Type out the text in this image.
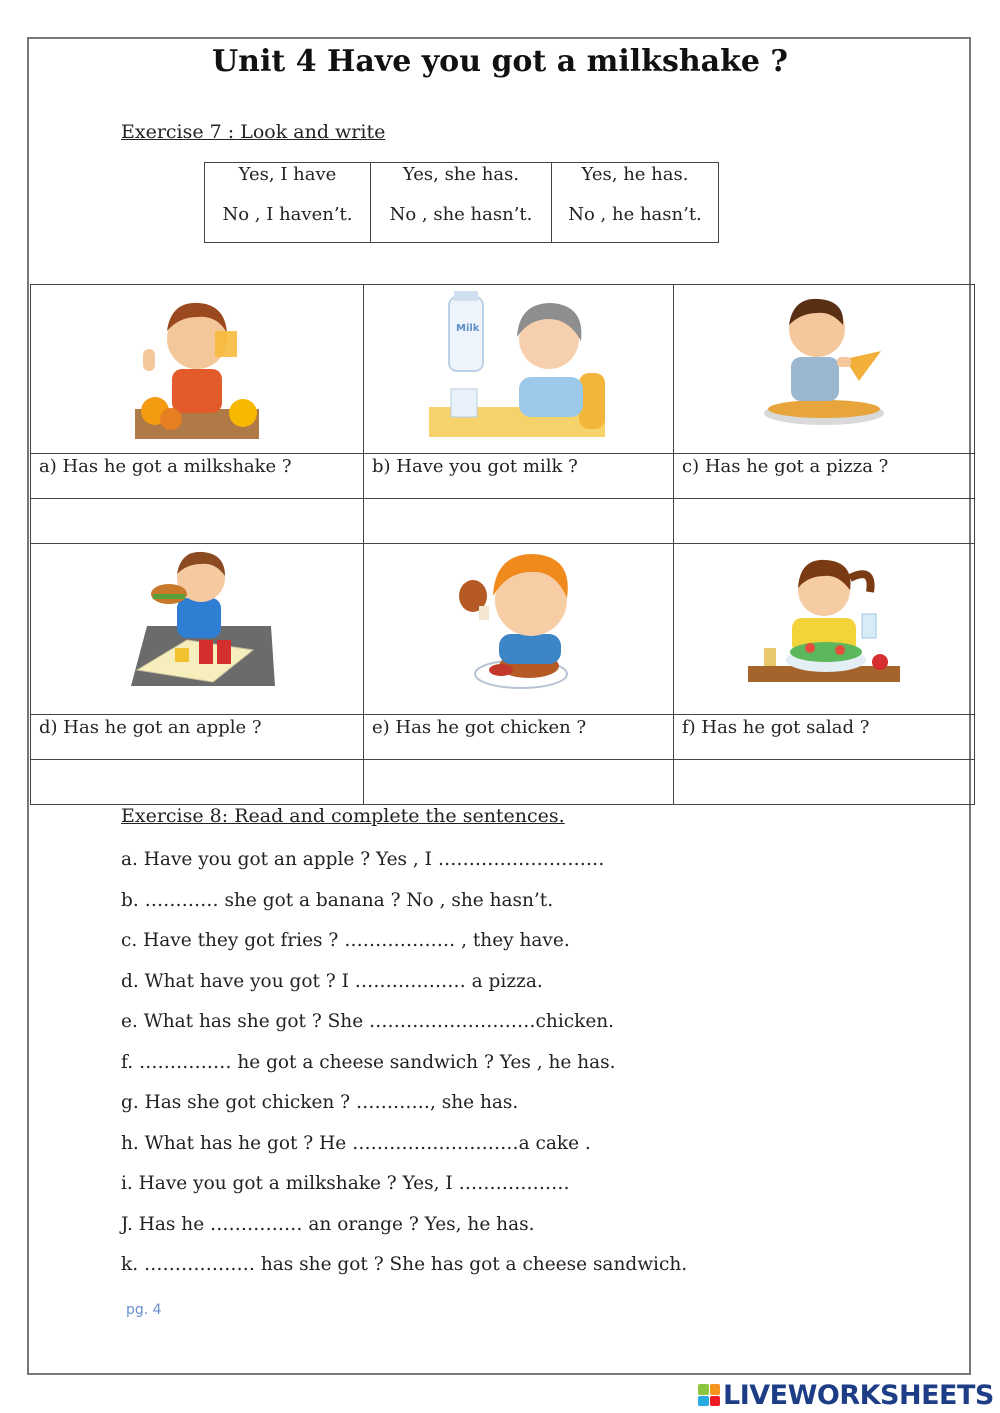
Unit 4 Have you got a milkshake ?
Exercise 7 : Look and write
Yes, I have
No , I haven’t.

Yes, she has.
No , she hasn’t.

Yes, he has.
No , he hasn’t.

Milk

a) Has he got a milkshake ?	b) Have you got milk ?	c) Has he got a pizza ?

d) Has he got an apple ?	e) Has he got chicken ?	f) Has he got salad ?

Exercise 8: Read and complete the sentences.
a. Have you got an apple ? Yes , I ………………………
b. ………… she got a banana ? No , she hasn’t.
c. Have they got fries ? ……………… , they have.
d. What have you got ? I ……………… a pizza.
e. What has she got ? She ………………………chicken.
f. …………… he got a cheese sandwich ? Yes , he has.
g. Has she got chicken ? …………, she has.
h. What has he got ? He ………………………a cake .
i. Have you got a milkshake ? Yes, I ………………
J. Has he …………… an orange ? Yes, he has.
k. ……………… has she got ? She has got a cheese sandwich.
pg. 4
LIVEWORKSHEETS
